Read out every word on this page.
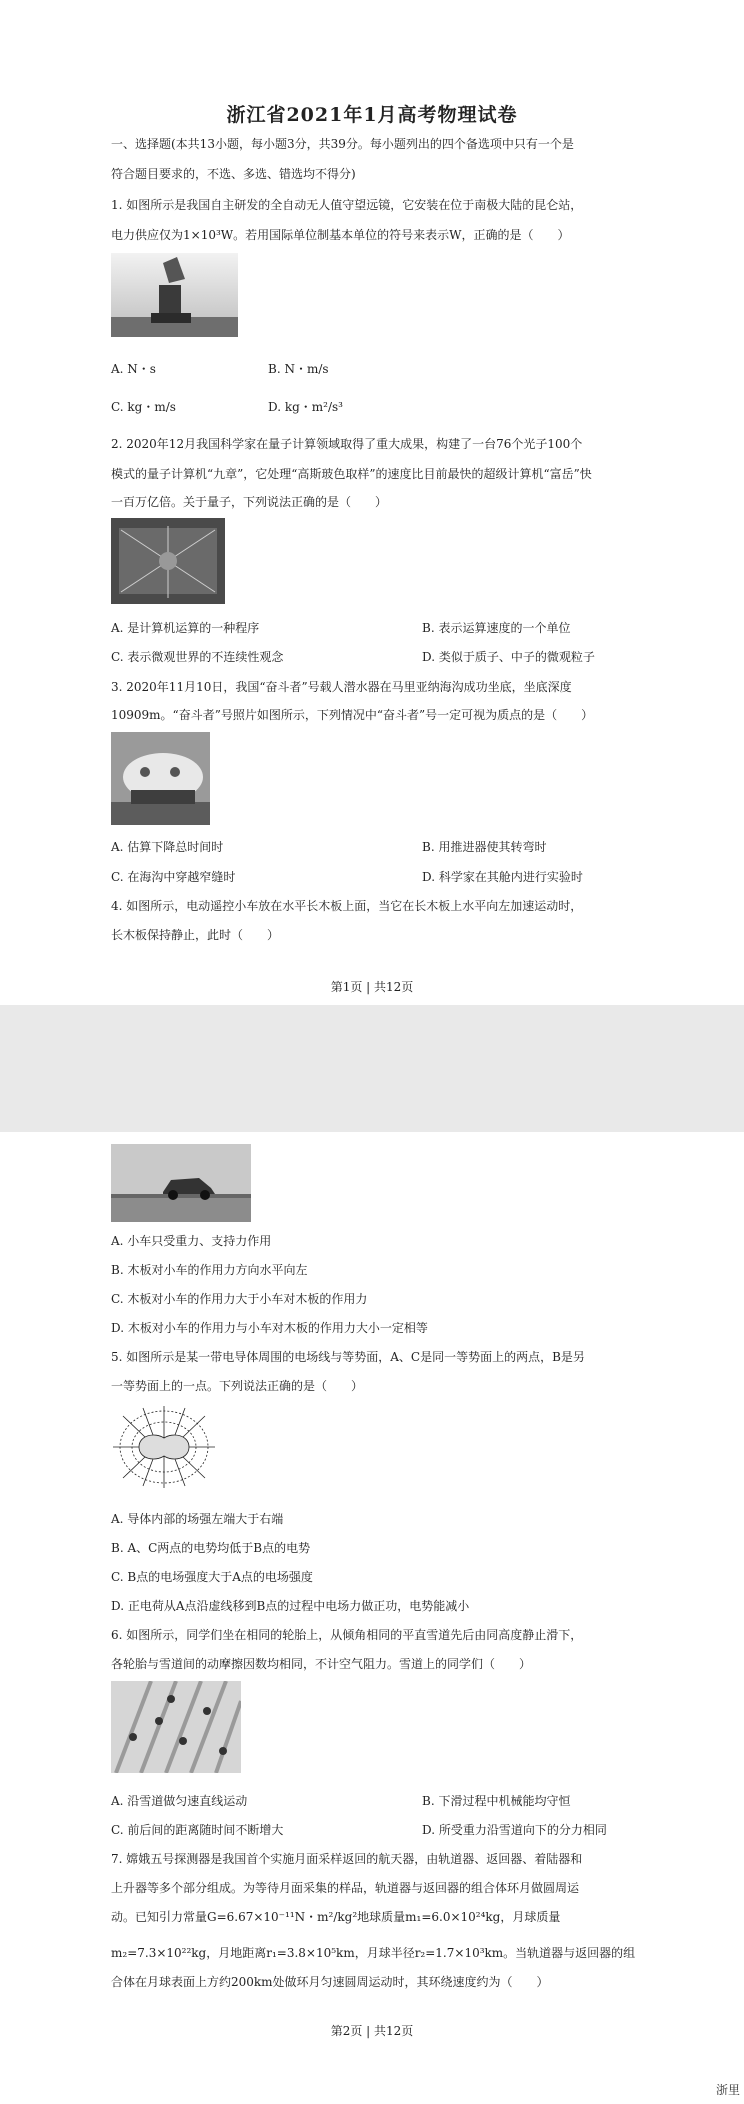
浙江省2021年1月高考物理试卷
一、选择题(本共13小题，每小题3分，共39分。每小题列出的四个备选项中只有一个是
符合题目要求的，不选、多选、错选均不得分)
1. 如图所示是我国自主研发的全自动无人值守望远镜，它安装在位于南极大陆的昆仑站，
电力供应仅为1×10³W。若用国际单位制基本单位的符号来表示W，正确的是（　　）
A. N・s	B. N・m/s
C. kg・m/s	D. kg・m²/s³
2. 2020年12月我国科学家在量子计算领域取得了重大成果，构建了一台76个光子100个
模式的量子计算机“九章”，它处理“高斯玻色取样”的速度比目前最快的超级计算机“富岳”快
一百万亿倍。关于量子，下列说法正确的是（　　）
A. 是计算机运算的一种程序	B. 表示运算速度的一个单位
C. 表示微观世界的不连续性观念	D. 类似于质子、中子的微观粒子
3. 2020年11月10日，我国“奋斗者”号载人潜水器在马里亚纳海沟成功坐底，坐底深度
10909m。“奋斗者”号照片如图所示，下列情况中“奋斗者”号一定可视为质点的是（　　）
A. 估算下降总时间时	B. 用推进器使其转弯时
C. 在海沟中穿越窄缝时	D. 科学家在其舱内进行实验时
4. 如图所示，电动遥控小车放在水平长木板上面，当它在长木板上水平向左加速运动时，
长木板保持静止，此时（　　）
第1页 | 共12页
A. 小车只受重力、支持力作用
B. 木板对小车的作用力方向水平向左
C. 木板对小车的作用力大于小车对木板的作用力
D. 木板对小车的作用力与小车对木板的作用力大小一定相等
5. 如图所示是某一带电导体周围的电场线与等势面，A、C是同一等势面上的两点，B是另
一等势面上的一点。下列说法正确的是（　　）
A. 导体内部的场强左端大于右端
B. A、C两点的电势均低于B点的电势
C. B点的电场强度大于A点的电场强度
D. 正电荷从A点沿虚线移到B点的过程中电场力做正功，电势能减小
6. 如图所示，同学们坐在相同的轮胎上，从倾角相同的平直雪道先后由同高度静止滑下，
各轮胎与雪道间的动摩擦因数均相同，不计空气阻力。雪道上的同学们（　　）
A. 沿雪道做匀速直线运动	B. 下滑过程中机械能均守恒
C. 前后间的距离随时间不断增大	D. 所受重力沿雪道向下的分力相同
7. 嫦娥五号探测器是我国首个实施月面采样返回的航天器，由轨道器、返回器、着陆器和
上升器等多个部分组成。为等待月面采集的样品，轨道器与返回器的组合体环月做圆周运
动。已知引力常量G=6.67×10⁻¹¹N・m²/kg²地球质量m₁=6.0×10²⁴kg，月球质量
m₂=7.3×10²²kg，月地距离r₁=3.8×10⁵km，月球半径r₂=1.7×10³km。当轨道器与返回器的组
合体在月球表面上方约200km处做环月匀速圆周运动时，其环绕速度约为（　　）
第2页 | 共12页
浙里
